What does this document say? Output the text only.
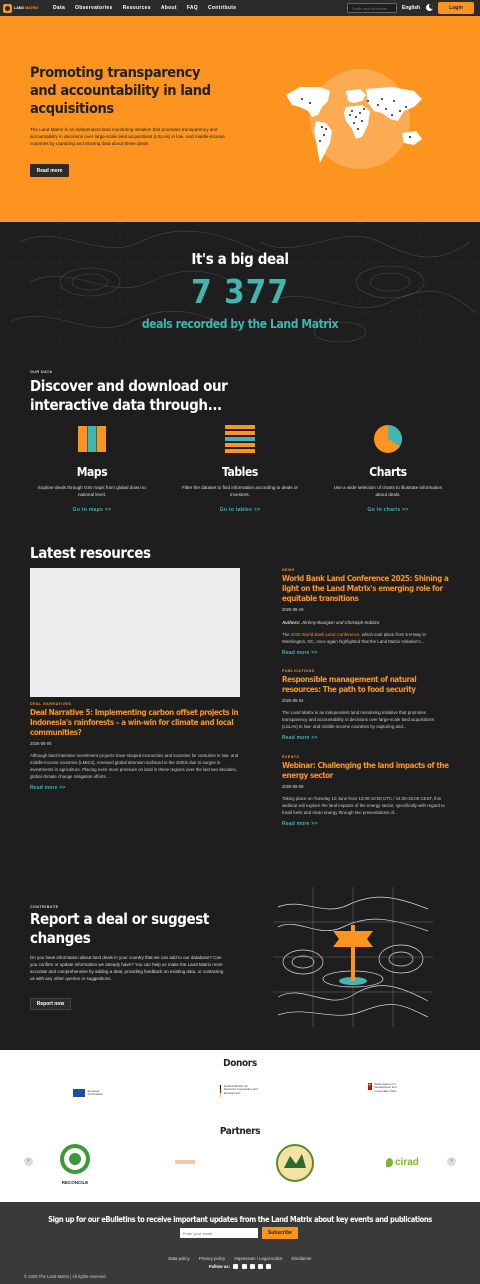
LAND MATRIX	Data Observatories Resources About FAQ Contribute
Deals and investors	English	Login
Promoting transparency and accountability in land acquisitions

The Land Matrix is an independent land monitoring initiative that promotes transparency and accountability in decisions over large-scale land acquisitions (LSLAs) in low- and middle-income countries by capturing and sharing data about these deals.

Read more
It's a big deal
7 377
deals recorded by the Land Matrix
OUR DATA
Discover and download our interactive data through...
Maps
Explore deals through GIS maps from global down to national level.
Go to maps >>
Tables
Filter the dataset to find information according to deals or investors.
Go to tables >>
Charts
Use a wide selection of charts to illustrate information about deals.
Go to charts >>
Latest resources
DEAL NARRATIVES
Deal Narrative 5: Implementing carbon offset projects in Indonesia's rainforests – a win-win for climate and local communities?
2025-06-05
Although land-intensive investment projects have shaped economies and societies for centuries in low- and middle-income countries (LMICs), renewed global attention surfaced in the 2000s due to surges in investments in agriculture. Placing even more pressure on land in these regions over the last two decades, global climate change mitigation efforts ...
Read more >>
NEWS
World Bank Land Conference 2025: Shining a light on the Land Matrix's emerging role for equitable transitions
2025-05-19
Authors: Jérémy Bourgoin and Christoph Kubitza
The 2025 World Bank Land Conference, which took place from 5-8 May in Washington, DC, once again highlighted that the Land Matrix Initiative's...
Read more >>
PUBLICATIONS
Responsible management of natural resources: The path to food security
2025-06-04
The Land Matrix is an independent land monitoring initiative that promotes transparency and accountability in decisions over large-scale land acquisitions (LSLAs) in low- and middle-income countries by capturing and...
Read more >>
EVENTS
Webinar: Challenging the land impacts of the energy sector
2025-06-09
Taking place on Tuesday 10 June from 12:00-13:00 UTC / 14:00-15:00 CEST, this webinar will explore the land impacts of the energy sector, specifically with regard to fossil fuels and clean energy through two presentations of...
Read more >>
CONTRIBUTE
Report a deal or suggest changes

Do you have information about land deals in your country that we can add to our database? Can you confirm or update information we already have? You can help us make the Land Matrix more accurate and comprehensive by adding a deal, providing feedback on existing data, or contacting us with any other queries or suggestions.

Report now
Donors
European Commission
Federal Ministry for Economic Cooperation and Development
+ Swiss Agency for Development and Cooperation SDC
Partners
‹
RECONCILE
cirad	›
Sign up for our eBulletins to receive important updates from the Land Matrix about key events and publications
Enter your email
Subscribe
Data policy Privacy policy Impressum / Legal notice Disclaimer
Follow us:
© 2025 The Land Matrix | All rights reserved
